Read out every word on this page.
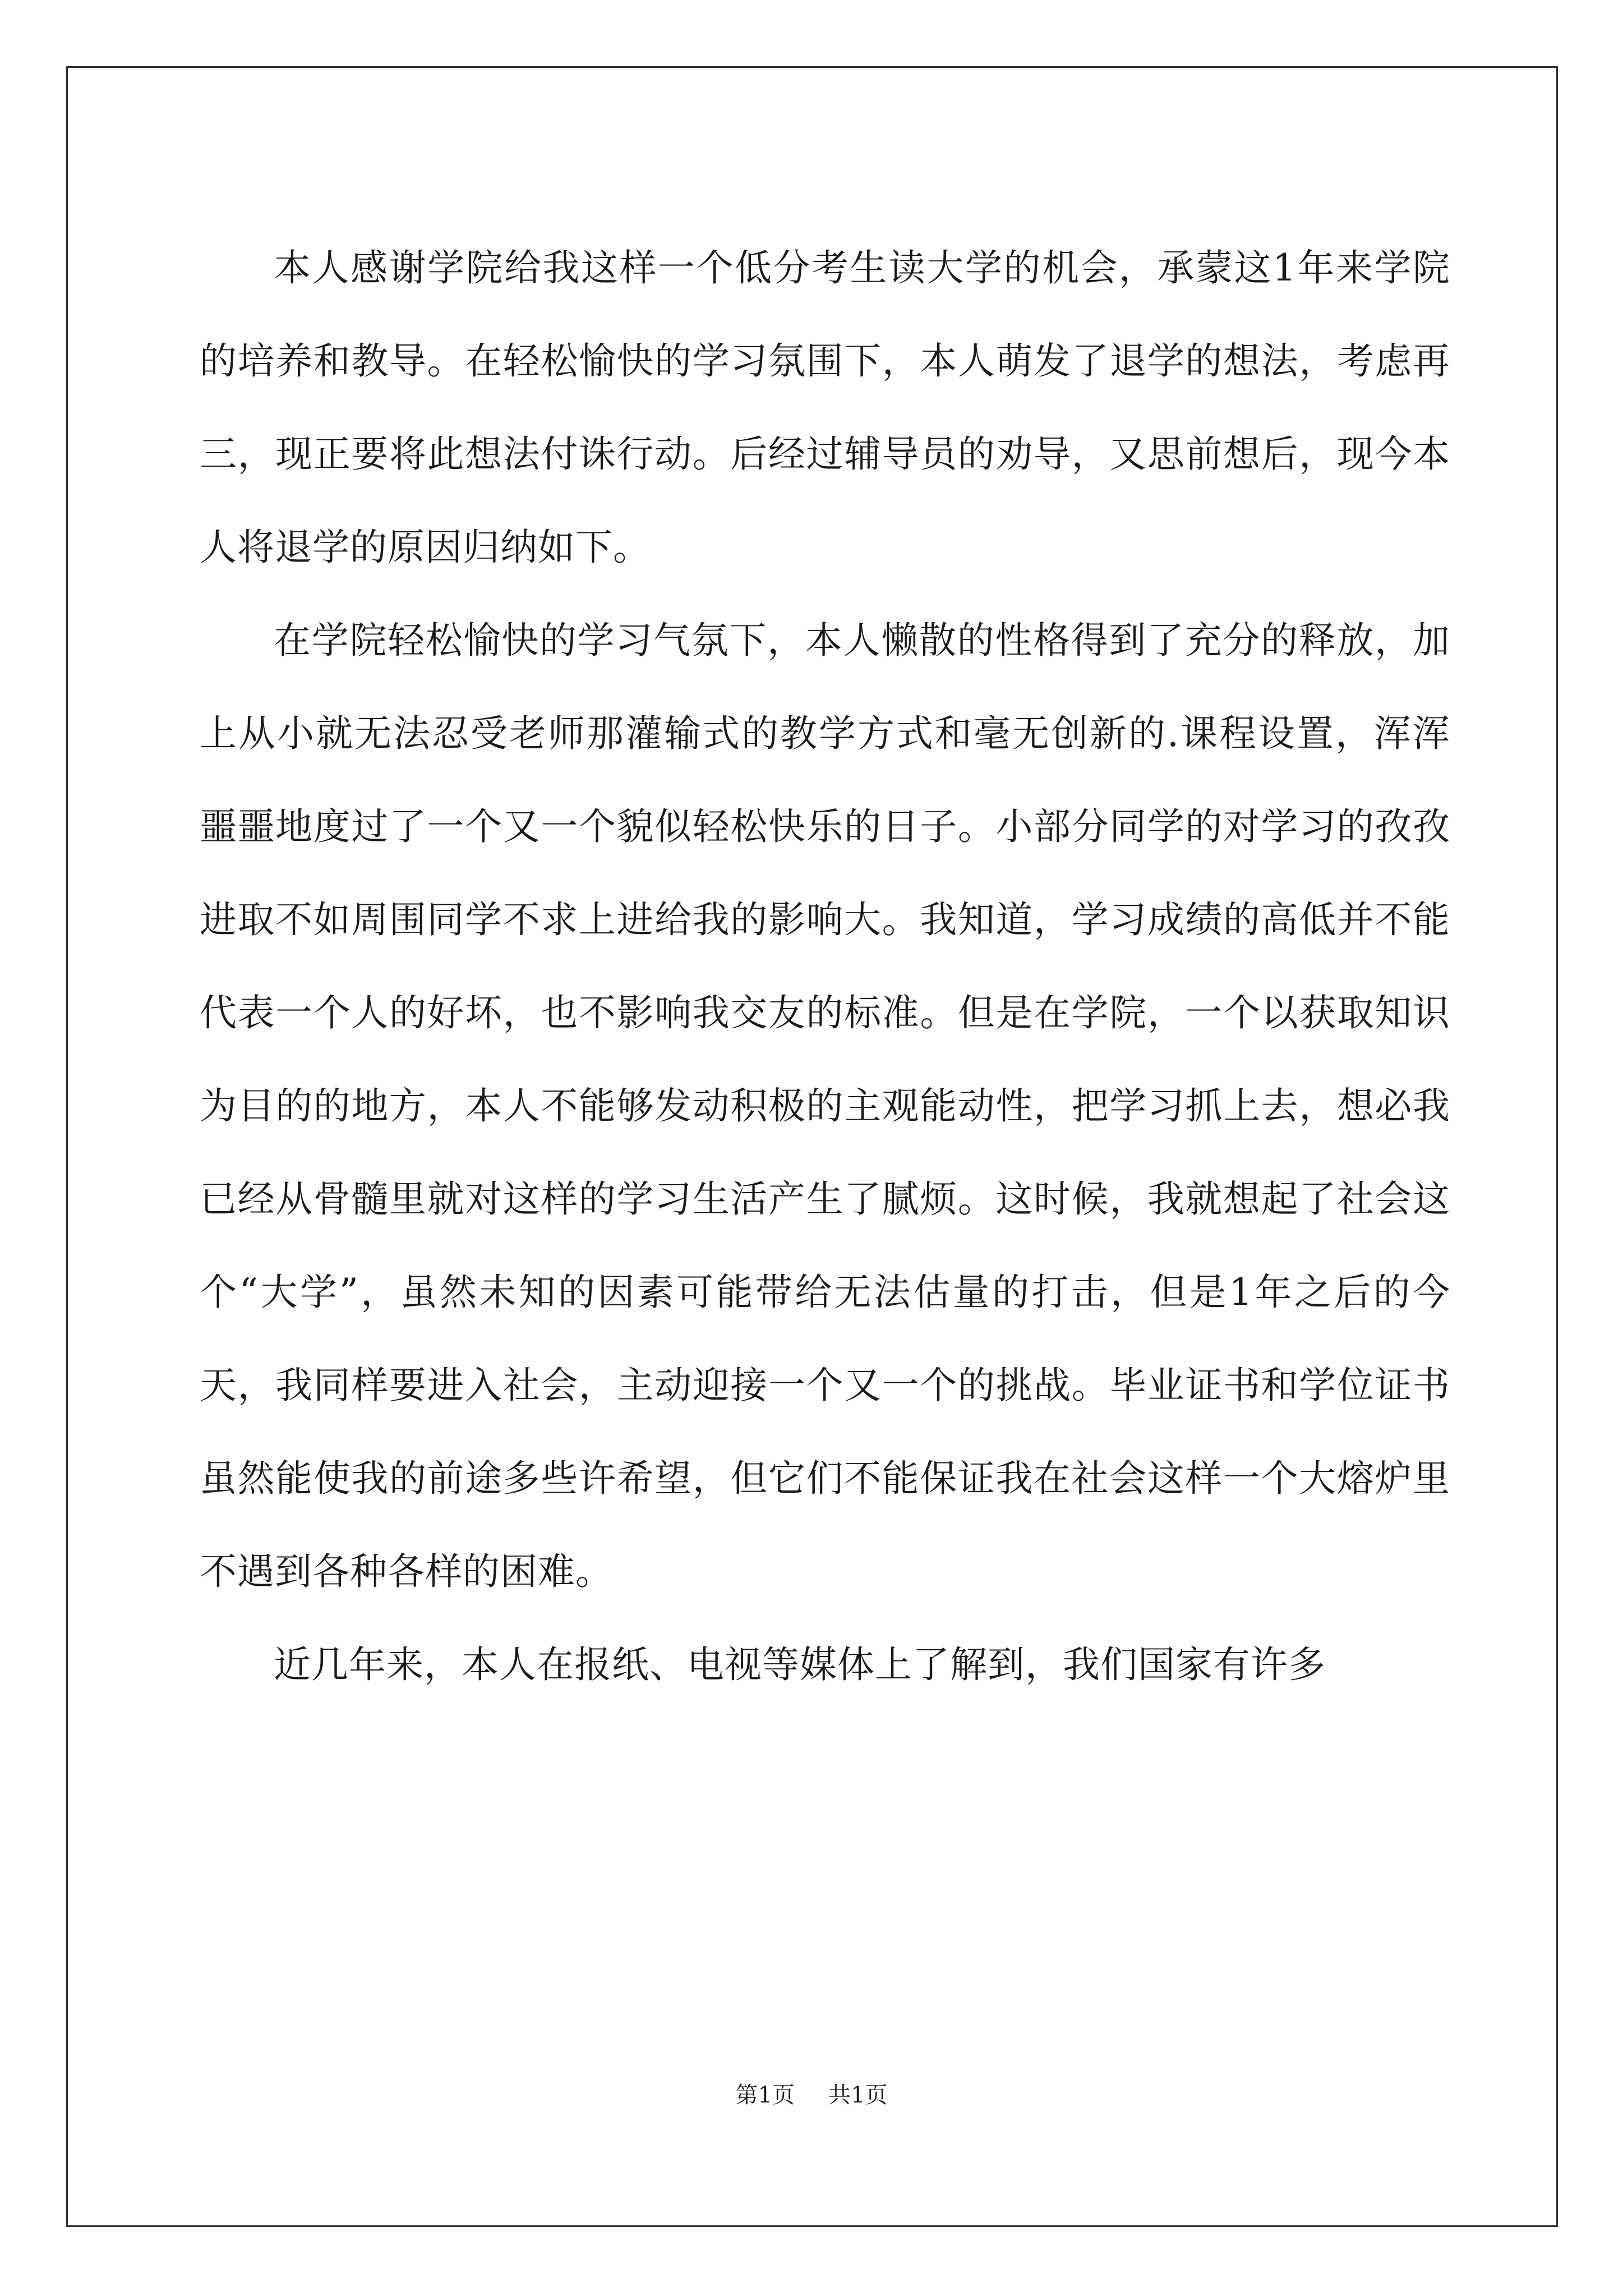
本人感谢学院给我这样一个低分考生读大学的机会，承蒙这1年来学院的培养和教导。在轻松愉快的学习氛围下，本人萌发了退学的想法，考虑再三，现正要将此想法付诛行动。后经过辅导员的劝导，又思前想后，现今本人将退学的原因归纳如下。

在学院轻松愉快的学习气氛下，本人懒散的性格得到了充分的释放，加上从小就无法忍受老师那灌输式的教学方式和毫无创新的.课程设置，浑浑噩噩地度过了一个又一个貌似轻松快乐的日子。小部分同学的对学习的孜孜进取不如周围同学不求上进给我的影响大。我知道，学习成绩的高低并不能代表一个人的好坏，也不影响我交友的标准。但是在学院，一个以获取知识为目的的地方，本人不能够发动积极的主观能动性，把学习抓上去，想必我已经从骨髓里就对这样的学习生活产生了腻烦。这时候，我就想起了社会这个“大学”，虽然未知的因素可能带给无法估量的打击，但是1年之后的今天，我同样要进入社会，主动迎接一个又一个的挑战。毕业证书和学位证书虽然能使我的前途多些许希望，但它们不能保证我在社会这样一个大熔炉里不遇到各种各样的困难。

近几年来，本人在报纸、电视等媒体上了解到，我们国家有许多

第1页 共1页
